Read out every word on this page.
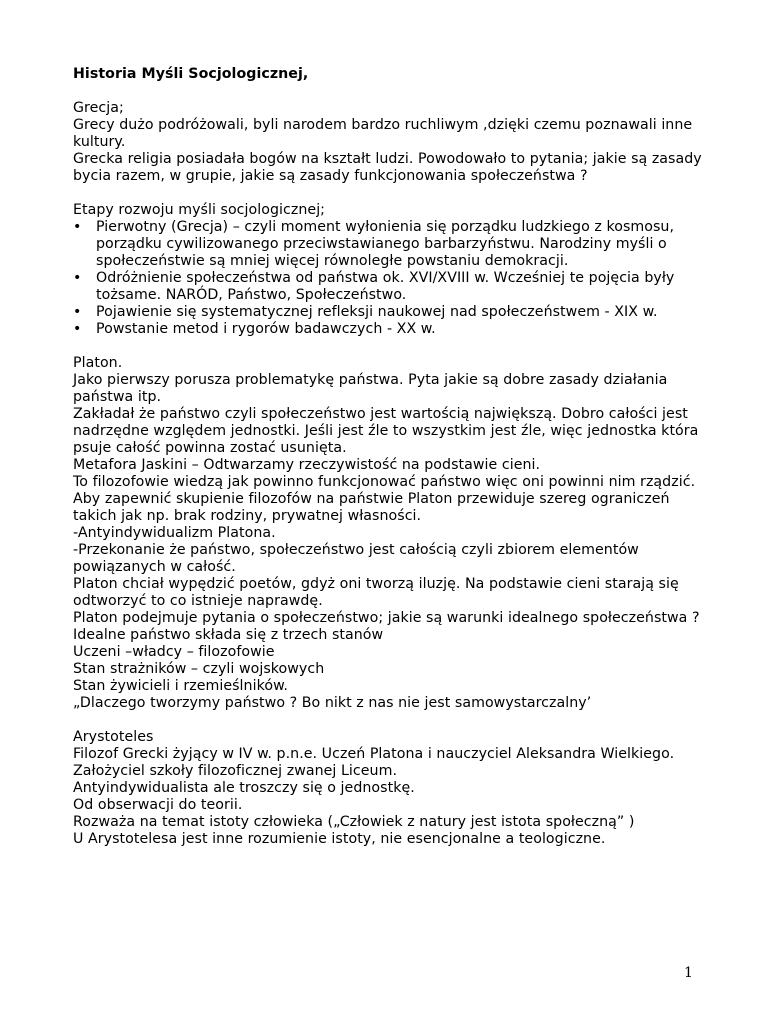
Historia Myśli Socjologicznej,

Grecja;

Grecy dużo podróżowali, byli narodem bardzo ruchliwym ,dzięki czemu poznawali inne kultury.

Grecka religia posiadała bogów na kształt ludzi. Powodowało to pytania; jakie są zasady bycia razem, w grupie, jakie są zasady funkcjonowania społeczeństwa ?

Etapy rozwoju myśli socjologicznej;

• Pierwotny (Grecja) – czyli moment wyłonienia się porządku ludzkiego z kosmosu, porządku cywilizowanego przeciwstawianego barbarzyństwu. Narodziny myśli o społeczeństwie są mniej więcej równoległe powstaniu demokracji.
• Odróżnienie społeczeństwa od państwa ok. XVI/XVIII w. Wcześniej te pojęcia były tożsame. NARÓD, Państwo, Społeczeństwo.
• Pojawienie się systematycznej refleksji naukowej nad społeczeństwem - XIX w.
• Powstanie metod i rygorów badawczych - XX w.

Platon.

Jako pierwszy porusza problematykę państwa. Pyta jakie są dobre zasady działania państwa itp.

Zakładał że państwo czyli społeczeństwo jest wartością największą. Dobro całości jest nadrzędne względem jednostki. Jeśli jest źle to wszystkim jest źle, więc jednostka która psuje całość powinna zostać usunięta.

Metafora Jaskini – Odtwarzamy rzeczywistość na podstawie cieni.

To filozofowie wiedzą jak powinno funkcjonować państwo więc oni powinni nim rządzić.

Aby zapewnić skupienie filozofów na państwie Platon przewiduje szereg ograniczeń takich jak np. brak rodziny, prywatnej własności.

-Antyindywidualizm Platona.

-Przekonanie że państwo, społeczeństwo jest całością czyli zbiorem elementów powiązanych w całość.

Platon chciał wypędzić poetów, gdyż oni tworzą iluzję. Na podstawie cieni starają się odtworzyć to co istnieje naprawdę.

Platon podejmuje pytania o społeczeństwo; jakie są warunki idealnego społeczeństwa ?

Idealne państwo składa się z trzech stanów

Uczeni –władcy – filozofowie

Stan strażników – czyli wojskowych

Stan żywicieli i rzemieślników.

„Dlaczego tworzymy państwo ? Bo nikt z nas nie jest samowystarczalny’

Arystoteles

Filozof Grecki żyjący w IV w. p.n.e. Uczeń Platona i nauczyciel Aleksandra Wielkiego. Założyciel szkoły filozoficznej zwanej Liceum.

Antyindywidualista ale troszczy się o jednostkę.

Od obserwacji do teorii.

Rozważa na temat istoty człowieka („Człowiek z natury jest istota społeczną” )

U Arystotelesa jest inne rozumienie istoty, nie esencjonalne a teologiczne.

1
